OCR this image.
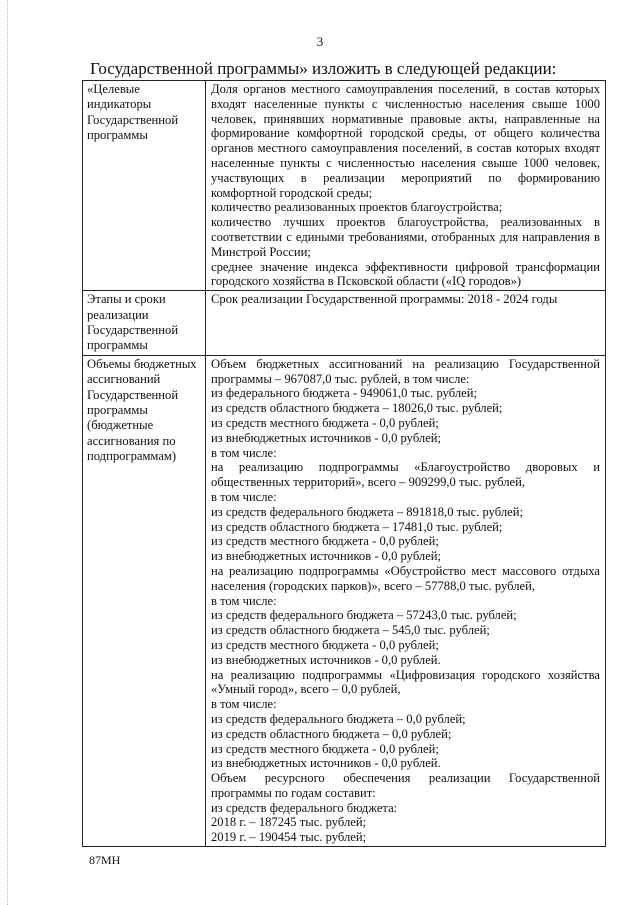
3
Государственной программы» изложить в следующей редакции:
«Целевые индикаторы Государственной программы
Доля органов местного самоуправления поселений, в состав которых входят населенные пункты с численностью населения свыше 1000 человек, принявших нормативные правовые акты, направленные на формирование комфортной городской среды, от общего количества органов местного самоуправления поселений, в состав которых входят населенные пункты с численностью населения свыше 1000 человек, участвующих в реализации мероприятий по формированию комфортной городской среды;
количество реализованных проектов благоустройства;
количество лучших проектов благоустройства, реализованных в соответствии с едиными требованиями, отобранных для направления в Минстрой России;
среднее значение индекса эффективности цифровой трансформации городского хозяйства в Псковской области («IQ городов»)
Этапы и сроки реализации Государственной программы
Срок реализации Государственной программы: 2018 - 2024 годы
Объемы бюджетных ассигнований Государственной программы (бюджетные ассигнования по подпрограммам)
Объем бюджетных ассигнований на реализацию Государственной программы – 967087,0 тыс. рублей, в том числе:
из федерального бюджета - 949061,0 тыс. рублей;
из средств областного бюджета – 18026,0 тыс. рублей;
из средств местного бюджета - 0,0 рублей;
из внебюджетных источников - 0,0 рублей;
в том числе:
на реализацию подпрограммы «Благоустройство дворовых и общественных территорий», всего – 909299,0 тыс. рублей,
в том числе:
из средств федерального бюджета – 891818,0 тыс. рублей;
из средств областного бюджета – 17481,0 тыс. рублей;
из средств местного бюджета - 0,0 рублей;
из внебюджетных источников - 0,0 рублей;
на реализацию подпрограммы «Обустройство мест массового отдыха населения (городских парков)», всего – 57788,0 тыс. рублей,
в том числе:
из средств федерального бюджета – 57243,0 тыс. рублей;
из средств областного бюджета – 545,0 тыс. рублей;
из средств местного бюджета - 0,0 рублей;
из внебюджетных источников - 0,0 рублей.
на реализацию подпрограммы «Цифровизация городского хозяйства «Умный город», всего – 0,0 рублей,
в том числе:
из средств федерального бюджета – 0,0 рублей;
из средств областного бюджета – 0,0 рублей;
из средств местного бюджета - 0,0 рублей;
из внебюджетных источников - 0,0 рублей.
Объем ресурсного обеспечения реализации Государственной программы по годам составит:
из средств федерального бюджета:
2018 г. – 187245 тыс. рублей;
2019 г. – 190454 тыс. рублей;
87МН
